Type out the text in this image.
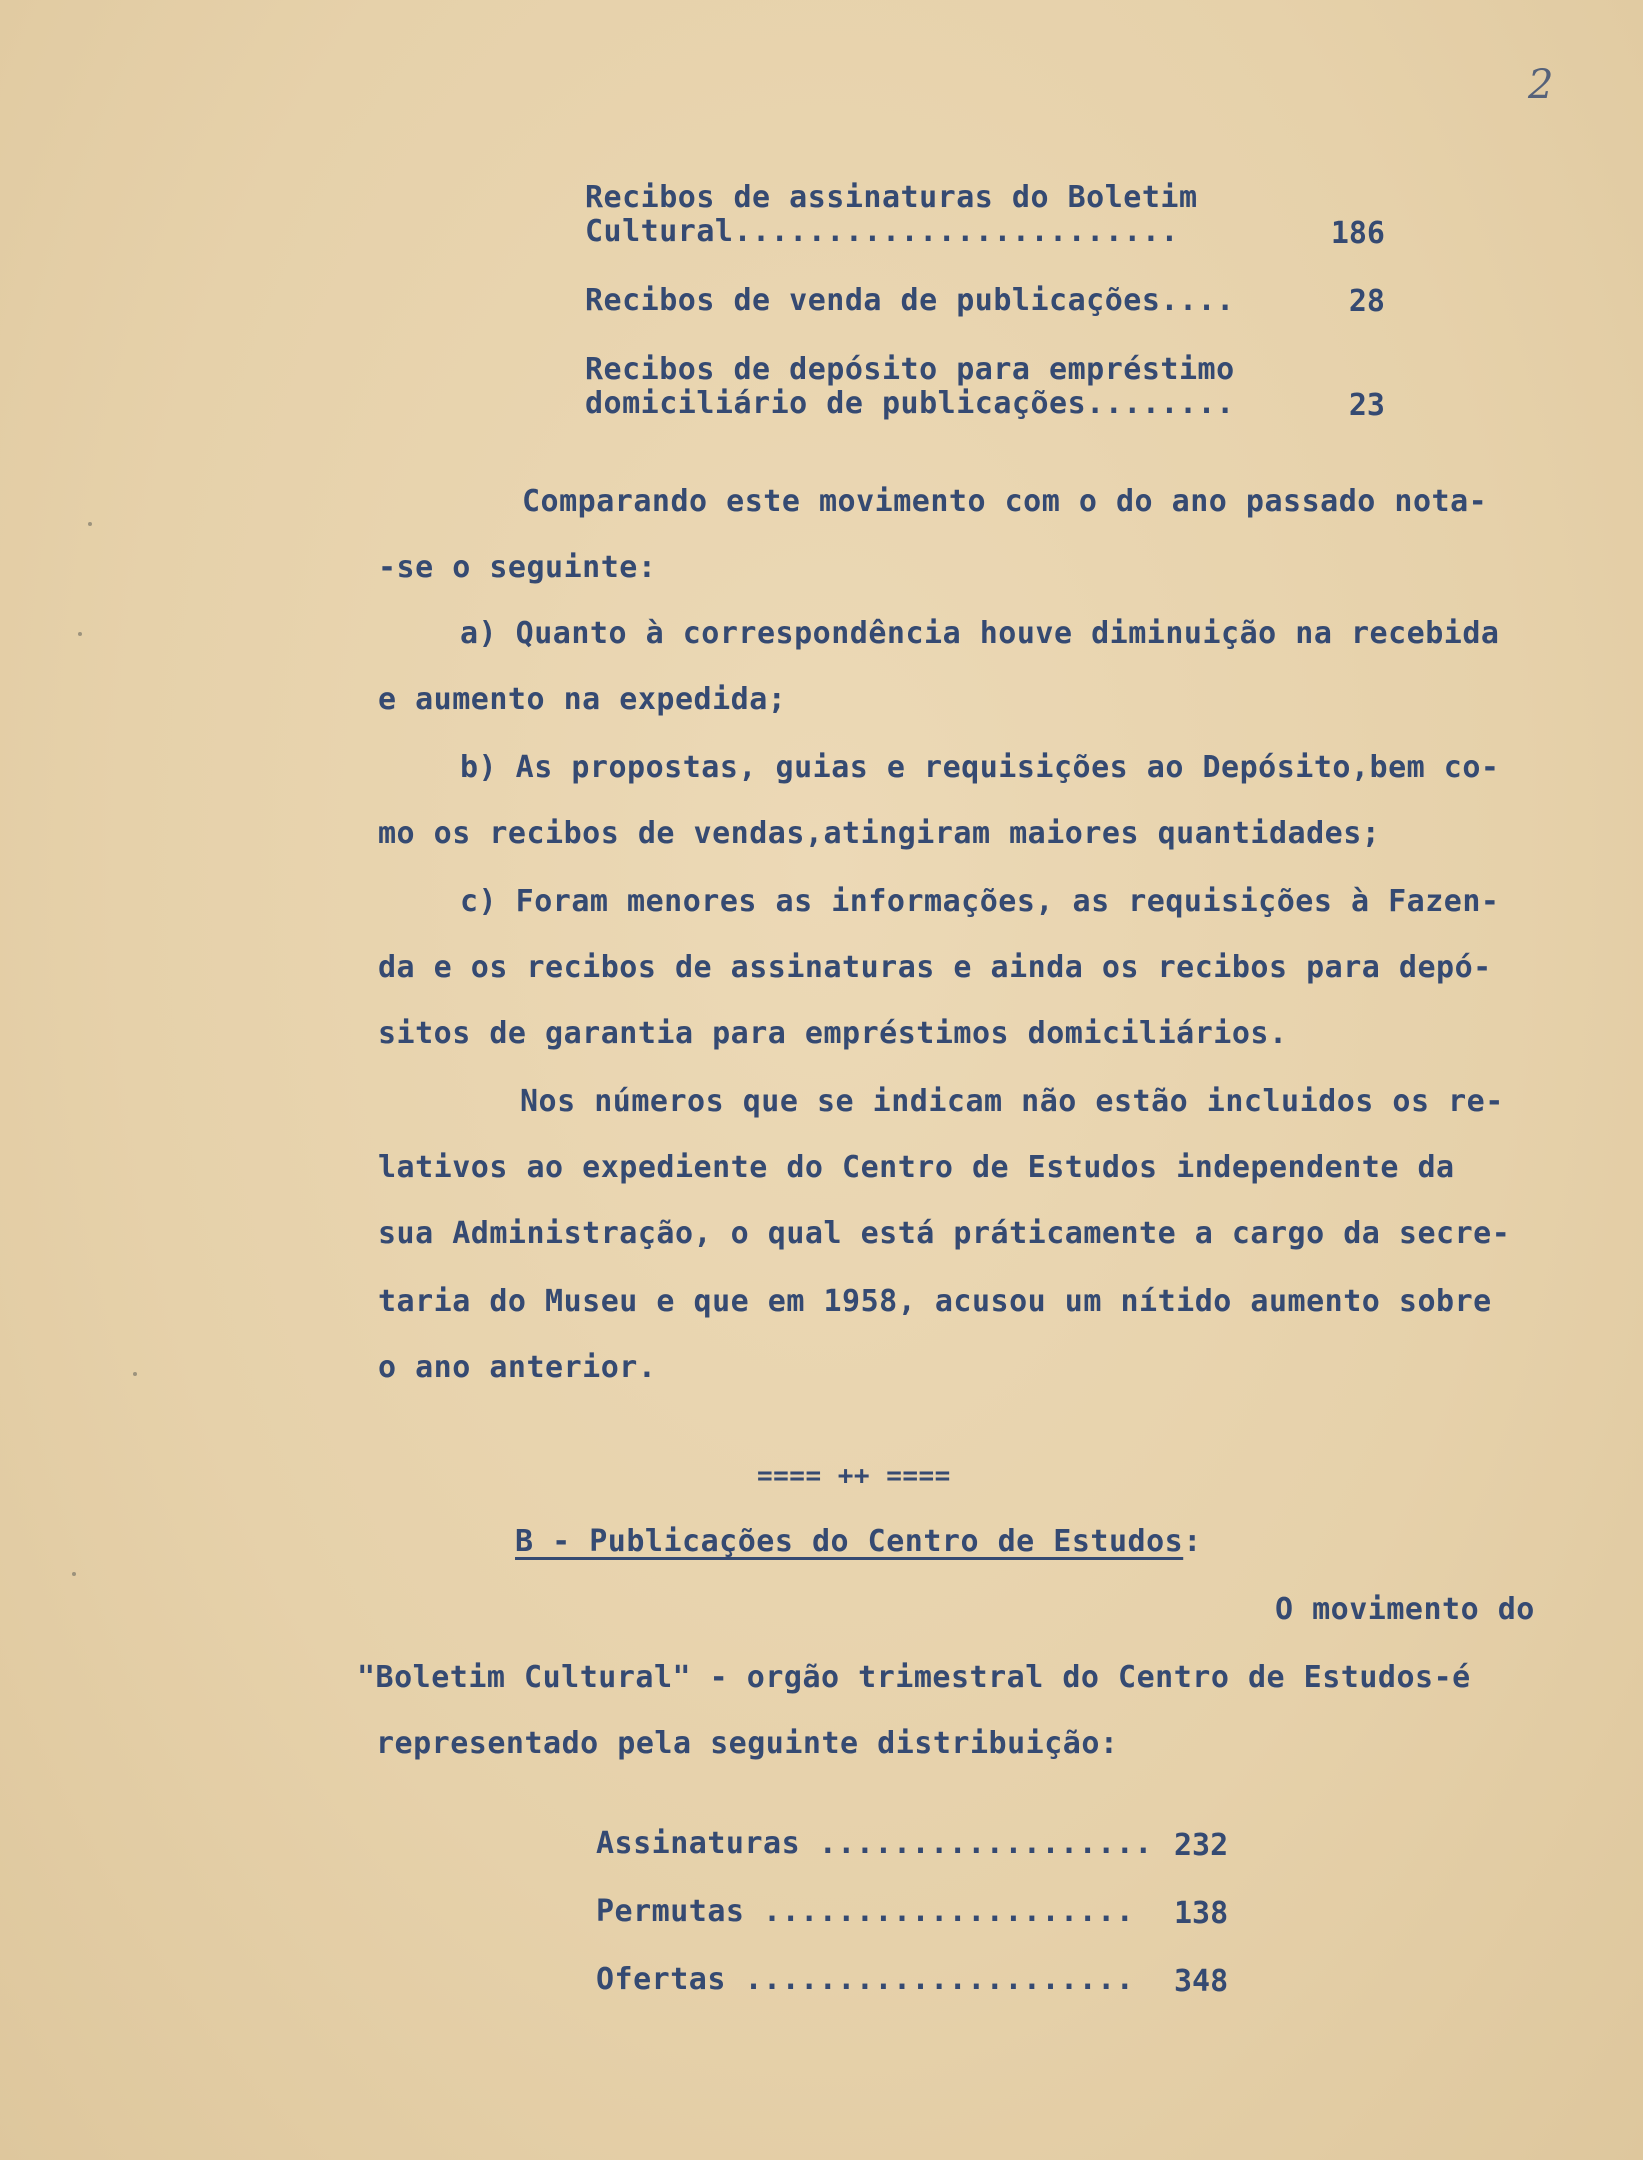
2
Recibos de assinaturas do Boletim
Cultural........................	186
Recibos de venda de publicações....	28
Recibos de depósito para empréstimo
domiciliário de publicações........	23
Comparando este movimento com o do ano passado nota-
-se o seguinte:
a) Quanto à correspondência houve diminuição na recebida
e aumento na expedida;
b) As propostas, guias e requisições ao Depósito,bem co-
mo os recibos de vendas,atingiram maiores quantidades;
c) Foram menores as informações, as requisições à Fazen-
da e os recibos de assinaturas e ainda os recibos para depó-
sitos de garantia para empréstimos domiciliários.
Nos números que se indicam não estão incluidos os re-
lativos ao expediente do Centro de Estudos independente da
sua Administração, o qual está práticamente a cargo da secre-
taria do Museu e que em 1958, acusou um nítido aumento sobre
o ano anterior.
==== ++ ====
B - Publicações do Centro de Estudos:
O movimento do
"Boletim Cultural" - orgão trimestral do Centro de Estudos-é
representado pela seguinte distribuição:
Assinaturas .................. 232
Permutas .................... 138
Ofertas ..................... 348
